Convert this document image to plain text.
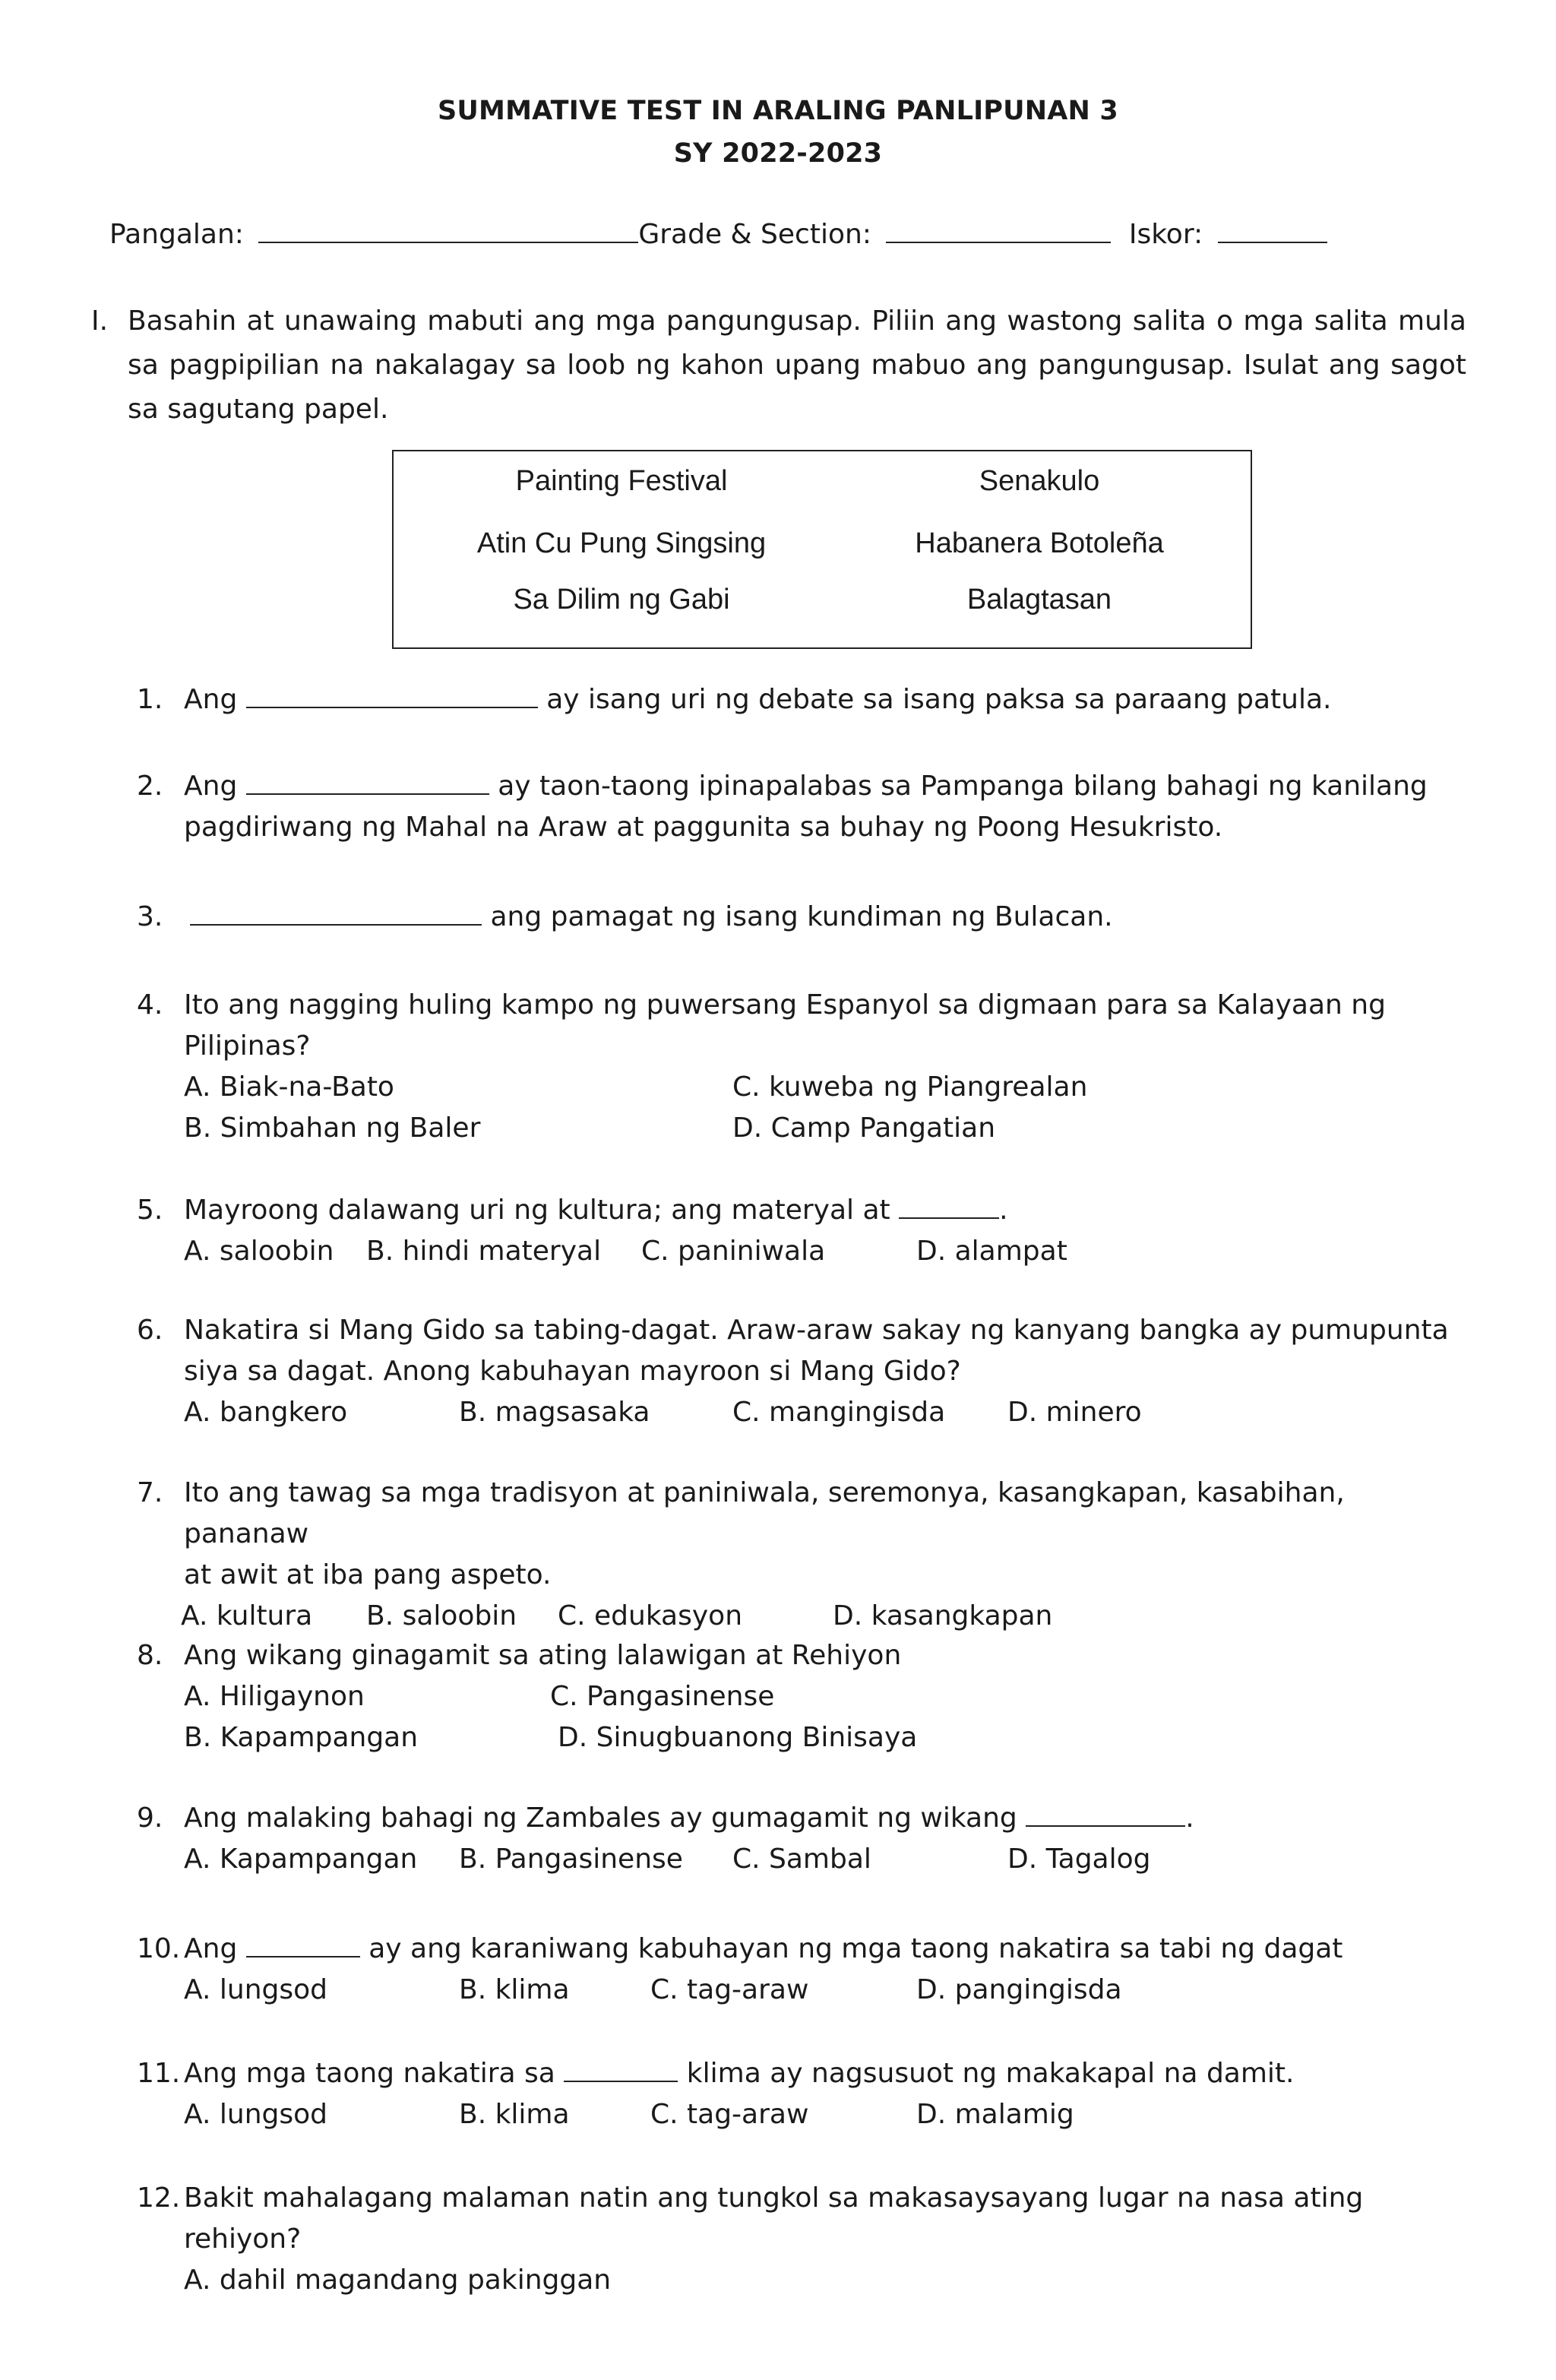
SUMMATIVE TEST IN ARALING PANLIPUNAN 3
SY 2022-2023
Pangalan:	Grade & Section:	Iskor:
I. Basahin at unawaing mabuti ang mga pangungusap. Piliin ang wastong salita o mga salita mula sa pagpipilian na nakalagay sa loob ng kahon upang mabuo ang pangungusap. Isulat ang sagot sa sagutang papel.
Painting Festival	Senakulo
Atin Cu Pung Singsing	Habanera Botoleña
Sa Dilim ng Gabi	Balagtasan
1. Ang	ay isang uri ng debate sa isang paksa sa paraang patula.
2. Ang	ay taon-taong ipinapalabas sa Pampanga bilang bahagi ng kanilang
pagdiriwang ng Mahal na Araw at paggunita sa buhay ng Poong Hesukristo.
3.	ang pamagat ng isang kundiman ng Bulacan.
4. Ito ang nagging huling kampo ng puwersang Espanyol sa digmaan para sa Kalayaan ng
Pilipinas?
A. Biak-na-Bato	C. kuweba ng Piangrealan
B. Simbahan ng Baler	D. Camp Pangatian
5. Mayroong dalawang uri ng kultura; ang materyal at	.
A. saloobin B. hindi materyal C. paniniwala	D. alampat
6. Nakatira si Mang Gido sa tabing-dagat. Araw-araw sakay ng kanyang bangka ay pumupunta
siya sa dagat. Anong kabuhayan mayroon si Mang Gido?
A. bangkero	B. magsasaka	C. mangingisda D. minero
7. Ito ang tawag sa mga tradisyon at paniniwala, seremonya, kasangkapan, kasabihan, pananaw
at awit at iba pang aspeto.
A. kultura B. saloobin C. edukasyon	D. kasangkapan
8. Ang wikang ginagamit sa ating lalawigan at Rehiyon
A. Hiligaynon	C. Pangasinense
B. Kapampangan	D. Sinugbuanong Binisaya
9. Ang malaking bahagi ng Zambales ay gumagamit ng wikang	.
A. Kapampangan B. Pangasinense C. Sambal	D. Tagalog
10. Ang	ay ang karaniwang kabuhayan ng mga taong nakatira sa tabi ng dagat
A. lungsod	B. klima	C. tag-araw	D. pangingisda
11. Ang mga taong nakatira sa	klima ay nagsusuot ng makakapal na damit.
A. lungsod	B. klima	C. tag-araw	D. malamig
12. Bakit mahalagang malaman natin ang tungkol sa makasaysayang lugar na nasa ating rehiyon?
A. dahil magandang pakinggan
